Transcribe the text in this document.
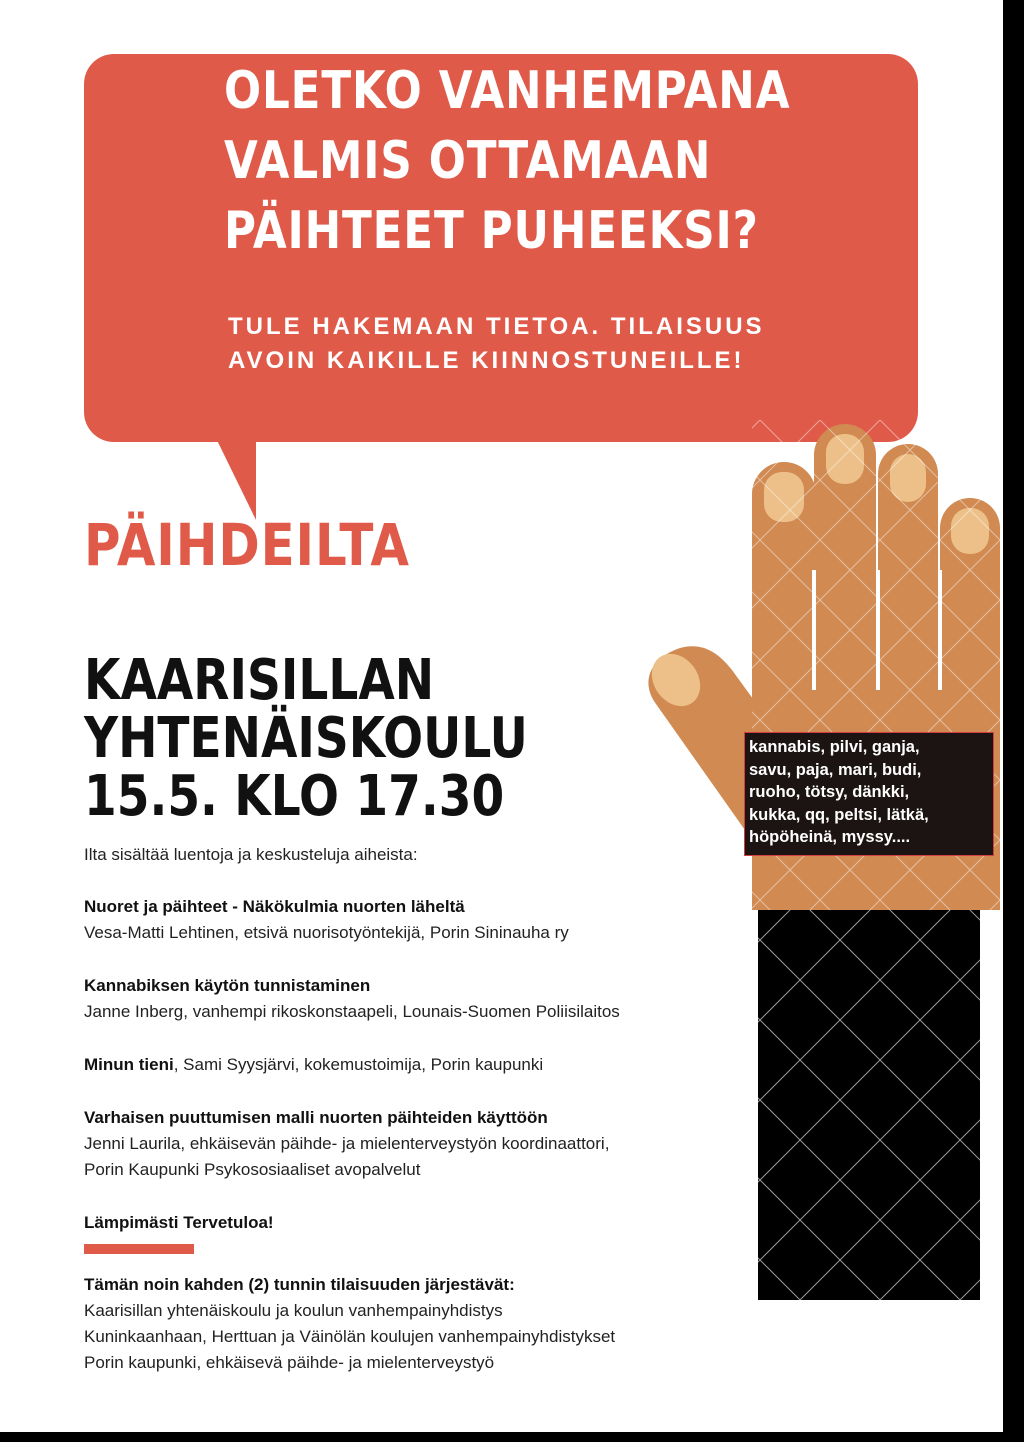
OLETKO VANHEMPANA
VALMIS OTTAMAAN
PÄIHTEET PUHEEKSI?

TULE HAKEMAAN TIETOA. TILAISUUS
AVOIN KAIKILLE KIINNOSTUNEILLE!

PÄIHDEILTA
KAARISILLAN
YHTENÄISKOULU
15.5. KLO 17.30

Ilta sisältää luentoja ja keskusteluja aiheista:

Nuoret ja päihteet - Näkökulmia nuorten läheltä

Vesa-Matti Lehtinen, etsivä nuorisotyöntekijä, Porin Sininauha ry

Kannabiksen käytön tunnistaminen

Janne Inberg, vanhempi rikoskonstaapeli, Lounais-Suomen Poliisilaitos

Minun tieni, Sami Syysjärvi, kokemustoimija, Porin kaupunki

Varhaisen puuttumisen malli nuorten päihteiden käyttöön

Jenni Laurila, ehkäisevän päihde- ja mielenterveystyön koordinaattori,

Porin Kaupunki Psykososiaaliset avopalvelut

Lämpimästi Tervetuloa!

Tämän noin kahden (2) tunnin tilaisuuden järjestävät:

Kaarisillan yhtenäiskoulu ja koulun vanhempainyhdistys

Kuninkaanhaan, Herttuan ja Väinölän koulujen vanhempainyhdistykset

Porin kaupunki, ehkäisevä päihde- ja mielenterveystyö

kannabis, pilvi, ganja,
savu, paja, mari, budi,
ruoho, tötsy, dänkki,
kukka, qq, peltsi, lätkä,
höpöheinä, myssy....
